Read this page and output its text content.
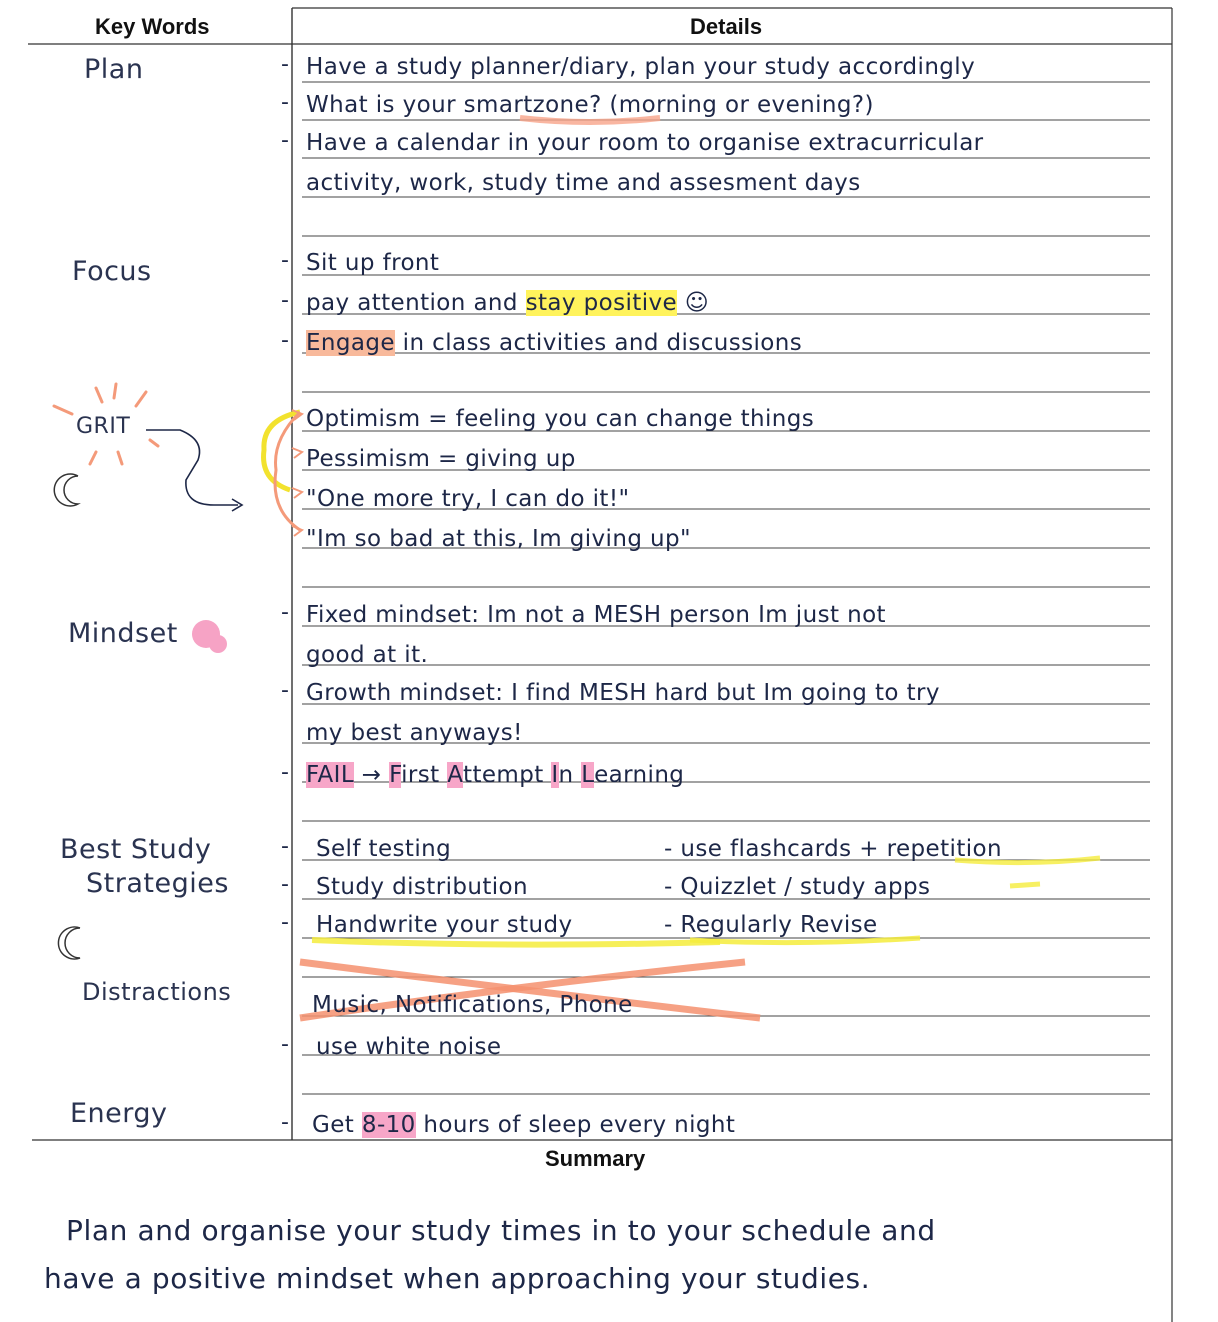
Key Words	Details
Summary
Plan
Focus
GRIT
Mindset
Best Study
Strategies
Distractions
Energy
- Have a study planner/diary, plan your study accordingly
- What is your smartzone? (morning or evening?)
- Have a calendar in your room to organise extracurricular
activity, work, study time and assesment days
- Sit up front
- pay attention and stay positive ☺
- Engage in class activities and discussions
Optimism = feeling you can change things
Pessimism = giving up
"One more try, I can do it!"
"Im so bad at this, Im giving up"
- Fixed mindset: Im not a MESH person Im just not
good at it.
- Growth mindset: I find MESH hard but Im going to try
my best anyways!
- FAIL → First Attempt In Learning
- Self testing
- Study distribution
- Handwrite your study
- use flashcards + repetition
- Quizzlet / study apps
- Regularly Revise
Music, Notifications, Phone
- use white noise
- Get 8-10 hours of sleep every night
Plan and organise your study times in to your schedule and
have a positive mindset when approaching your studies.
